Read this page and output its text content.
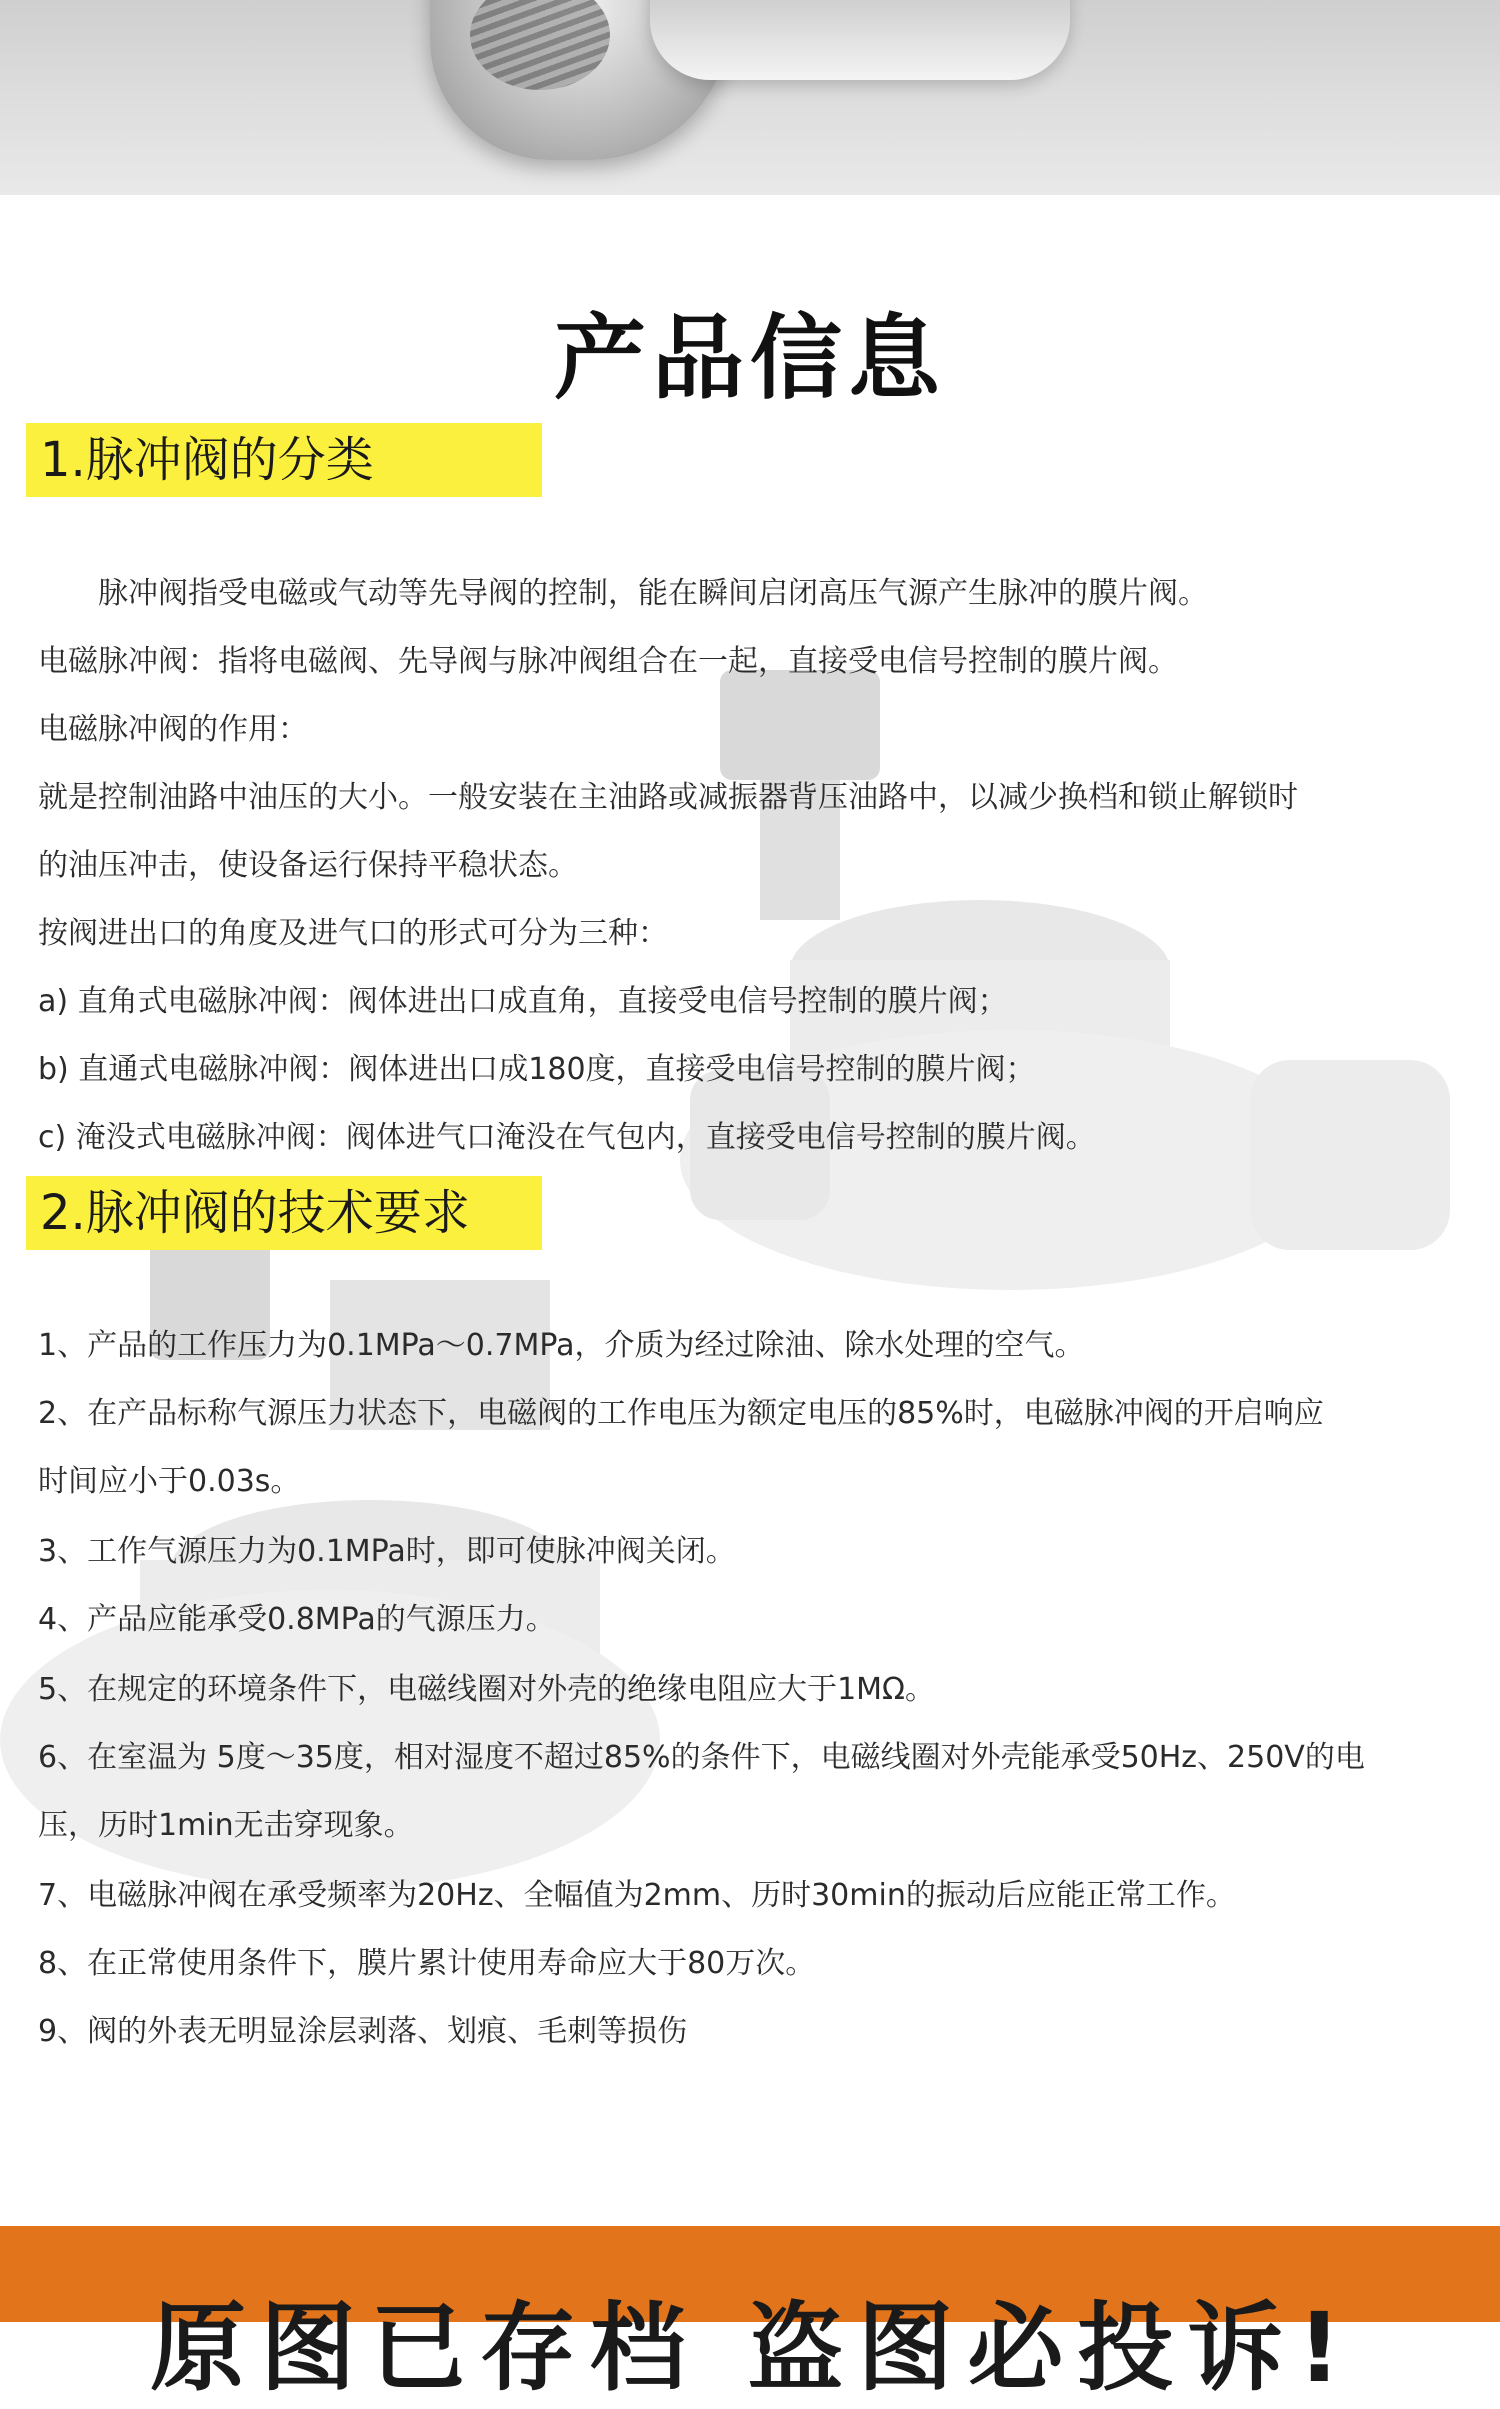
产品信息
1.脉冲阀的分类
　　脉冲阀指受电磁或气动等先导阀的控制，能在瞬间启闭高压气源产生脉冲的膜片阀。
电磁脉冲阀：指将电磁阀、先导阀与脉冲阀组合在一起，直接受电信号控制的膜片阀。
电磁脉冲阀的作用：
就是控制油路中油压的大小。一般安装在主油路或减振器背压油路中，以减少换档和锁止解锁时
的油压冲击，使设备运行保持平稳状态。
按阀进出口的角度及进气口的形式可分为三种：
a) 直角式电磁脉冲阀：阀体进出口成直角，直接受电信号控制的膜片阀；
b) 直通式电磁脉冲阀：阀体进出口成180度，直接受电信号控制的膜片阀；
c) 淹没式电磁脉冲阀：阀体进气口淹没在气包内，直接受电信号控制的膜片阀。
2.脉冲阀的技术要求
1、产品的工作压力为0.1MPa～0.7MPa，介质为经过除油、除水处理的空气。
2、在产品标称气源压力状态下，电磁阀的工作电压为额定电压的85%时，电磁脉冲阀的开启响应
时间应小于0.03s。
3、工作气源压力为0.1MPa时，即可使脉冲阀关闭。
4、产品应能承受0.8MPa的气源压力。
5、在规定的环境条件下，电磁线圈对外壳的绝缘电阻应大于1MΩ。
6、在室温为 5度～35度，相对湿度不超过85%的条件下，电磁线圈对外壳能承受50Hz、250V的电
压，历时1min无击穿现象。
7、电磁脉冲阀在承受频率为20Hz、全幅值为2mm、历时30min的振动后应能正常工作。
8、在正常使用条件下，膜片累计使用寿命应大于80万次。
9、阀的外表无明显涂层剥落、划痕、毛刺等损伤
原图已存档 盗图必投诉!
